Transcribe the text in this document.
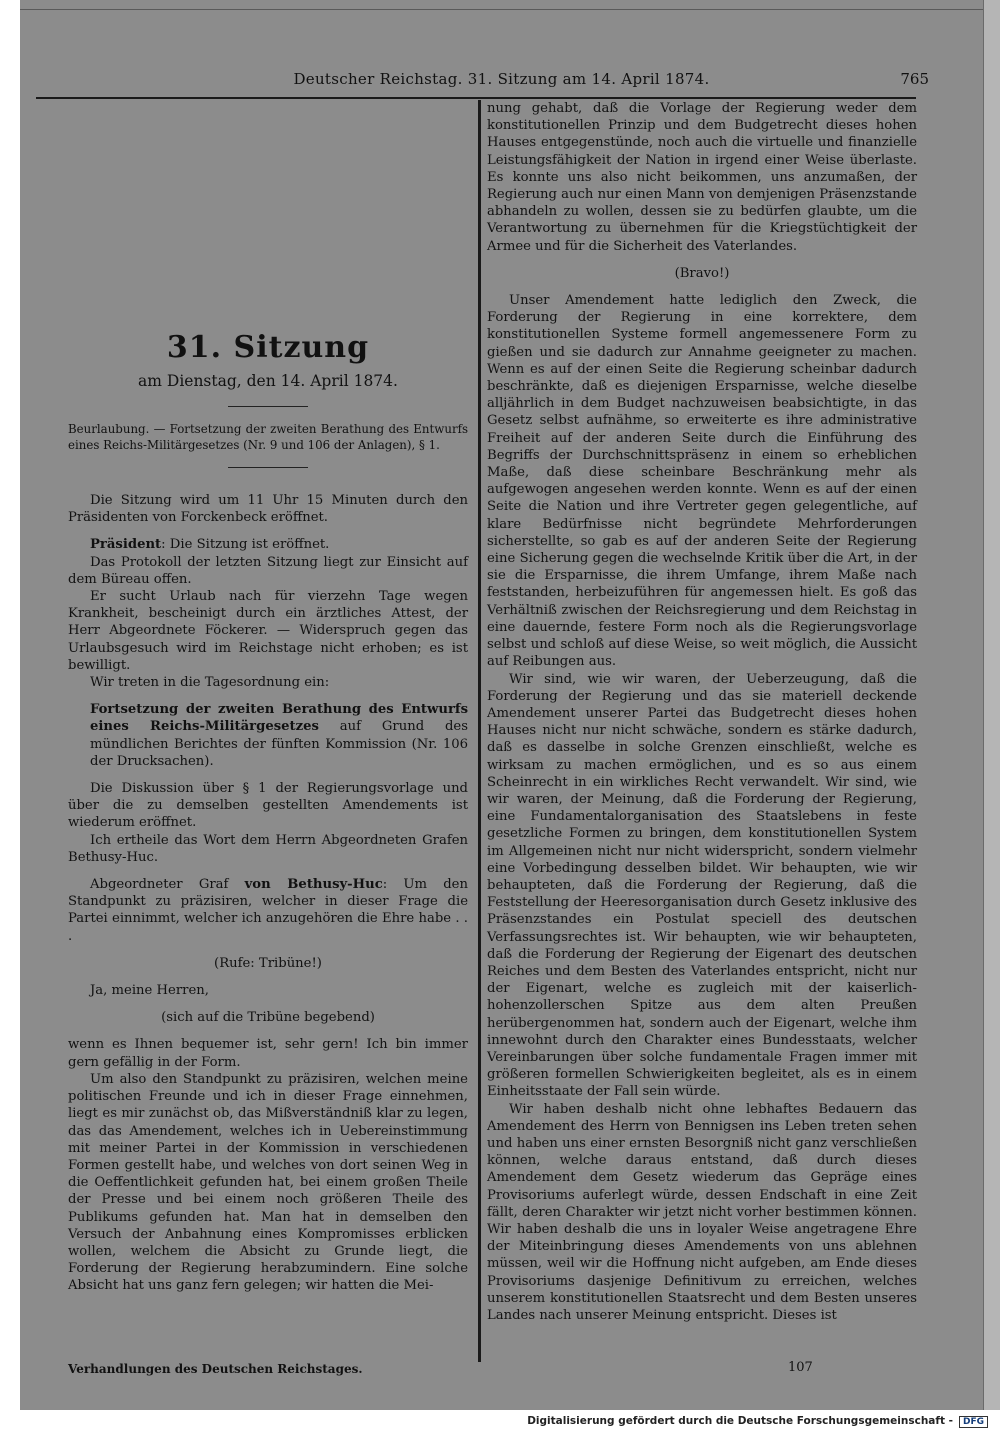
Deutscher Reichstag. 31. Sitzung am 14. April 1874.	765
31. Sitzung
am Dienstag, den 14. April 1874.

Beurlaubung. — Fortsetzung der zweiten Berathung des Entwurfs eines Reichs-Militärgesetzes (Nr. 9 und 106 der Anlagen), § 1.

Die Sitzung wird um 11 Uhr 15 Minuten durch den Präsidenten von Forckenbeck eröffnet.

Präsident: Die Sitzung ist eröffnet.

Das Protokoll der letzten Sitzung liegt zur Einsicht auf dem Büreau offen.

Er sucht Urlaub nach für vierzehn Tage wegen Krankheit, bescheinigt durch ein ärztliches Attest, der Herr Abgeordnete Föckerer. — Widerspruch gegen das Urlaubsgesuch wird im Reichstage nicht erhoben; es ist bewilligt.

Wir treten in die Tagesordnung ein:

Fortsetzung der zweiten Berathung des Entwurfs eines Reichs-Militärgesetzes auf Grund des mündlichen Berichtes der fünften Kommission (Nr. 106 der Drucksachen).

Die Diskussion über § 1 der Regierungsvorlage und über die zu demselben gestellten Amendements ist wiederum eröffnet.

Ich ertheile das Wort dem Herrn Abgeordneten Grafen Bethusy-Huc.

Abgeordneter Graf von Bethusy-Huc: Um den Standpunkt zu präzisiren, welcher in dieser Frage die Partei einnimmt, welcher ich anzugehören die Ehre habe . . .

(Rufe: Tribüne!)

Ja, meine Herren,

(sich auf die Tribüne begebend)

wenn es Ihnen bequemer ist, sehr gern! Ich bin immer gern gefällig in der Form.

Um also den Standpunkt zu präzisiren, welchen meine politischen Freunde und ich in dieser Frage einnehmen, liegt es mir zunächst ob, das Mißverständniß klar zu legen, das das Amendement, welches ich in Uebereinstimmung mit meiner Partei in der Kommission in verschiedenen Formen gestellt habe, und welches von dort seinen Weg in die Oeffentlichkeit gefunden hat, bei einem großen Theile der Presse und bei einem noch größeren Theile des Publikums gefunden hat. Man hat in demselben den Versuch der Anbahnung eines Kompromisses erblicken wollen, welchem die Absicht zu Grunde liegt, die Forderung der Regierung herabzumindern. Eine solche Absicht hat uns ganz fern gelegen; wir hatten die Mei-

nung gehabt, daß die Vorlage der Regierung weder dem konstitutionellen Prinzip und dem Budgetrecht dieses hohen Hauses entgegenstünde, noch auch die virtuelle und finanzielle Leistungsfähigkeit der Nation in irgend einer Weise überlaste. Es konnte uns also nicht beikommen, uns anzumaßen, der Regierung auch nur einen Mann von demjenigen Präsenzstande abhandeln zu wollen, dessen sie zu bedürfen glaubte, um die Verantwortung zu übernehmen für die Kriegstüchtigkeit der Armee und für die Sicherheit des Vaterlandes.

(Bravo!)

Unser Amendement hatte lediglich den Zweck, die Forderung der Regierung in eine korrektere, dem konstitutionellen Systeme formell angemessenere Form zu gießen und sie dadurch zur Annahme geeigneter zu machen. Wenn es auf der einen Seite die Regierung scheinbar dadurch beschränkte, daß es diejenigen Ersparnisse, welche dieselbe alljährlich in dem Budget nachzuweisen beabsichtigte, in das Gesetz selbst aufnähme, so erweiterte es ihre administrative Freiheit auf der anderen Seite durch die Einführung des Begriffs der Durchschnittspräsenz in einem so erheblichen Maße, daß diese scheinbare Beschränkung mehr als aufgewogen angesehen werden konnte. Wenn es auf der einen Seite die Nation und ihre Vertreter gegen gelegentliche, auf klare Bedürfnisse nicht begründete Mehrforderungen sicherstellte, so gab es auf der anderen Seite der Regierung eine Sicherung gegen die wechselnde Kritik über die Art, in der sie die Ersparnisse, die ihrem Umfange, ihrem Maße nach feststanden, herbeizuführen für angemessen hielt. Es goß das Verhältniß zwischen der Reichsregierung und dem Reichstag in eine dauernde, festere Form noch als die Regierungsvorlage selbst und schloß auf diese Weise, so weit möglich, die Aussicht auf Reibungen aus.

Wir sind, wie wir waren, der Ueberzeugung, daß die Forderung der Regierung und das sie materiell deckende Amendement unserer Partei das Budgetrecht dieses hohen Hauses nicht nur nicht schwäche, sondern es stärke dadurch, daß es dasselbe in solche Grenzen einschließt, welche es wirksam zu machen ermöglichen, und es so aus einem Scheinrecht in ein wirkliches Recht verwandelt. Wir sind, wie wir waren, der Meinung, daß die Forderung der Regierung, eine Fundamentalorganisation des Staatslebens in feste gesetzliche Formen zu bringen, dem konstitutionellen System im Allgemeinen nicht nur nicht widerspricht, sondern vielmehr eine Vorbedingung desselben bildet. Wir behaupten, wie wir behaupteten, daß die Forderung der Regierung, daß die Feststellung der Heeresorganisation durch Gesetz inklusive des Präsenzstandes ein Postulat speciell des deutschen Verfassungsrechtes ist. Wir behaupten, wie wir behaupteten, daß die Forderung der Regierung der Eigenart des deutschen Reiches und dem Besten des Vaterlandes entspricht, nicht nur der Eigenart, welche es zugleich mit der kaiserlich-hohenzollerschen Spitze aus dem alten Preußen herübergenommen hat, sondern auch der Eigenart, welche ihm innewohnt durch den Charakter eines Bundesstaats, welcher Vereinbarungen über solche fundamentale Fragen immer mit größeren formellen Schwierigkeiten begleitet, als es in einem Einheitsstaate der Fall sein würde.

Wir haben deshalb nicht ohne lebhaftes Bedauern das Amendement des Herrn von Bennigsen ins Leben treten sehen und haben uns einer ernsten Besorgniß nicht ganz verschließen können, welche daraus entstand, daß durch dieses Amendement dem Gesetz wiederum das Gepräge eines Provisoriums auferlegt würde, dessen Endschaft in eine Zeit fällt, deren Charakter wir jetzt nicht vorher bestimmen können. Wir haben deshalb die uns in loyaler Weise angetragene Ehre der Miteinbringung dieses Amendements von uns ablehnen müssen, weil wir die Hoffnung nicht aufgeben, am Ende dieses Provisoriums dasjenige Definitivum zu erreichen, welches unserem konstitutionellen Staatsrecht und dem Besten unseres Landes nach unserer Meinung entspricht. Dieses ist

Verhandlungen des Deutschen Reichstages.	107
Digitalisierung gefördert durch die Deutsche Forschungsgemeinschaft - DFG
